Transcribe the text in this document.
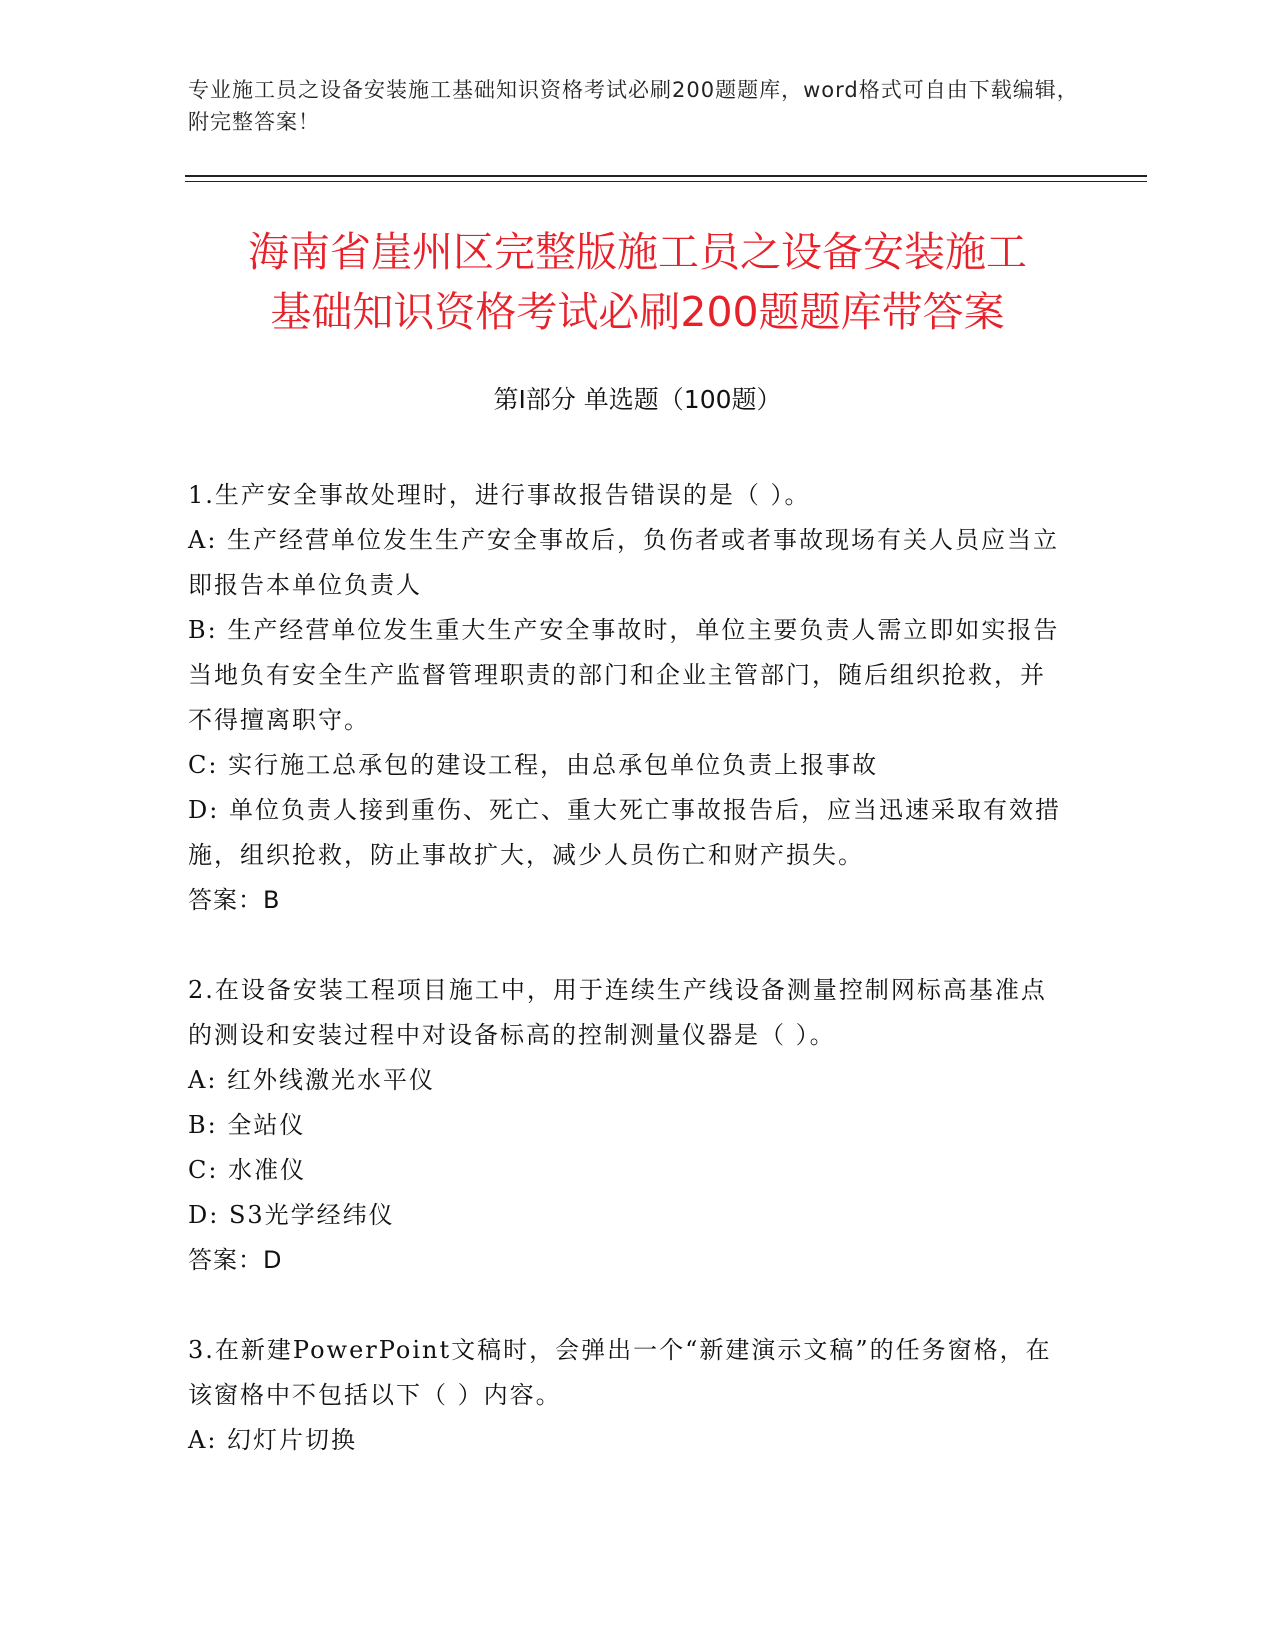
专业施工员之设备安装施工基础知识资格考试必刷200题题库，word格式可自由下载编辑，附完整答案！
海南省崖州区完整版施工员之设备安装施工
基础知识资格考试必刷200题题库带答案
第Ⅰ部分 单选题（100题）

1.生产安全事故处理时，进行事故报告错误的是（ ）。

A: 生产经营单位发生生产安全事故后，负伤者或者事故现场有关人员应当立即报告本单位负责人

B: 生产经营单位发生重大生产安全事故时，单位主要负责人需立即如实报告当地负有安全生产监督管理职责的部门和企业主管部门，随后组织抢救，并不得擅离职守。

C: 实行施工总承包的建设工程，由总承包单位负责上报事故

D: 单位负责人接到重伤、死亡、重大死亡事故报告后，应当迅速采取有效措施，组织抢救，防止事故扩大，减少人员伤亡和财产损失。

答案：B

2.在设备安装工程项目施工中，用于连续生产线设备测量控制网标高基准点的测设和安装过程中对设备标高的控制测量仪器是（ ）。

A: 红外线激光水平仪

B: 全站仪

C: 水准仪

D: S3光学经纬仪

答案：D

3.在新建PowerPoint文稿时，会弹出一个“新建演示文稿”的任务窗格，在该窗格中不包括以下（ ）内容。

A: 幻灯片切换
